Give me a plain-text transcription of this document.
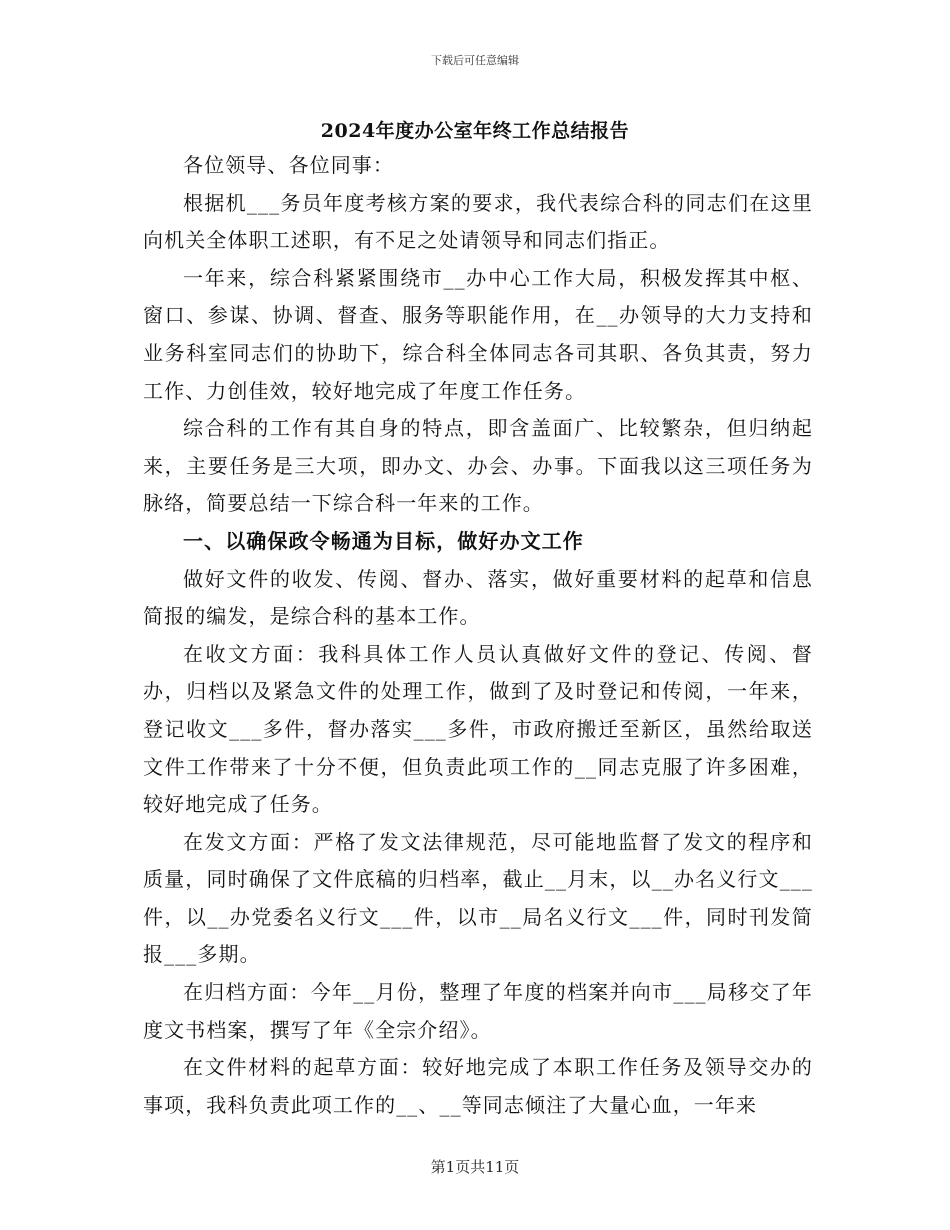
下载后可任意编辑
2024年度办公室年终工作总结报告

各位领导、各位同事：

根据机___务员年度考核方案的要求，我代表综合科的同志们在这里向机关全体职工述职，有不足之处请领导和同志们指正。

一年来，综合科紧紧围绕市__办中心工作大局，积极发挥其中枢、窗口、参谋、协调、督查、服务等职能作用，在__办领导的大力支持和业务科室同志们的协助下，综合科全体同志各司其职、各负其责，努力工作、力创佳效，较好地完成了年度工作任务。

综合科的工作有其自身的特点，即含盖面广、比较繁杂，但归纳起来，主要任务是三大项，即办文、办会、办事。下面我以这三项任务为脉络，简要总结一下综合科一年来的工作。

一、以确保政令畅通为目标，做好办文工作

做好文件的收发、传阅、督办、落实，做好重要材料的起草和信息简报的编发，是综合科的基本工作。

在收文方面：我科具体工作人员认真做好文件的登记、传阅、督办，归档以及紧急文件的处理工作，做到了及时登记和传阅，一年来，登记收文___多件，督办落实___多件，市政府搬迁至新区，虽然给取送文件工作带来了十分不便，但负责此项工作的__同志克服了许多困难，较好地完成了任务。

在发文方面：严格了发文法律规范，尽可能地监督了发文的程序和质量，同时确保了文件底稿的归档率，截止__月末，以__办名义行文___件，以__办党委名义行文___件，以市__局名义行文___件，同时刊发简报___多期。

在归档方面：今年__月份，整理了年度的档案并向市___局移交了年度文书档案，撰写了年《全宗介绍》。

在文件材料的起草方面：较好地完成了本职工作任务及领导交办的事项，我科负责此项工作的__、__等同志倾注了大量心血，一年来

第1页共11页
